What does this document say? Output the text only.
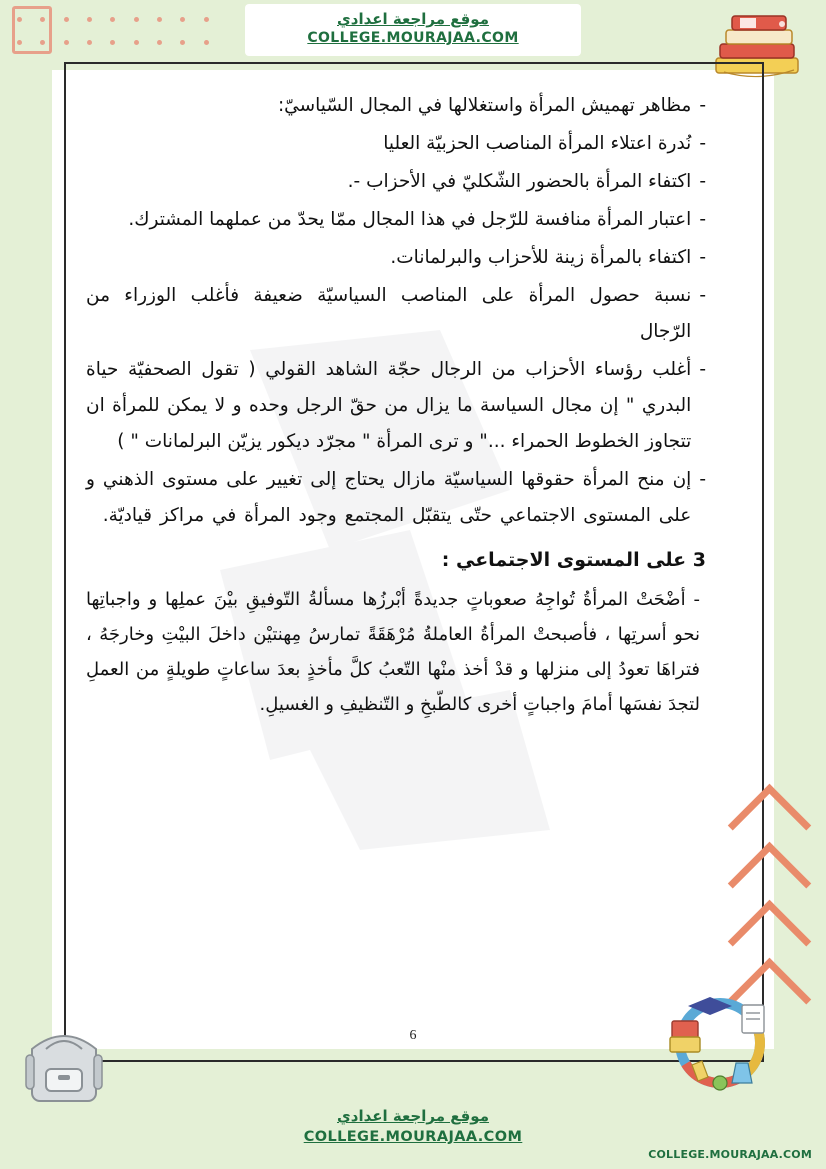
موقع مراجعة اعدادي
COLLEGE.MOURAJAA.COM
-
مظاهر تهميش المرأة واستغلالها في المجال السّياسيّ:
-
نُدرة اعتلاء المرأة المناصب الحزبيّة العليا
-
اكتفاء المرأة بالحضور الشّكليّ في الأحزاب -.
-
اعتبار المرأة منافسة للرّجل في هذا المجال ممّا يحدّ من عملهما المشترك.
-
اكتفاء بالمرأة زينة للأحزاب والبرلمانات.
-
نسبة حصول المرأة على المناصب السياسيّة ضعيفة فأغلب الوزراء من الرّجال
-
أغلب رؤساء الأحزاب من الرجال حجّة الشاهد القولي ( تقول الصحفيّة حياة البدري " إن مجال السياسة ما يزال من حقّ الرجل وحده و لا يمكن للمرأة ان تتجاوز الخطوط الحمراء ..." و ترى المرأة " مجرّد ديكور يزيّن البرلمانات " )
-
إن منح المرأة حقوقها السياسيّة مازال يحتاج إلى تغيير على مستوى الذهني و على المستوى الاجتماعي حتّى يتقبّل المجتمع وجود المرأة في مراكز قياديّة.
3 على المستوى الاجتماعي :
- أضْحَتْ المرأةُ تُواجِهُ صعوباتٍ جديدةً أبْرزُها مسألةُ التّوفيقِ بيْنَ عملِها و واجباتِها نحو أسرتِها ، فأصبحتْ المرأةُ العاملةُ مُرْهَقَةً تمارسُ مِهنتيْن داخلَ البيْتِ وخارجَهُ ، فتراهَا تعودُ إلى منزلها و قدْ أخذ منْها التّعبُ كلَّ مأخذٍ بعدَ ساعاتٍ طويلةٍ من العملِ لتجدَ نفسَها أمامَ واجباتٍ أخرى كالطّبخِ و التّنظيفِ و الغسيلِ.
6
موقع مراجعة اعدادي
COLLEGE.MOURAJAA.COM
COLLEGE.MOURAJAA.COM
